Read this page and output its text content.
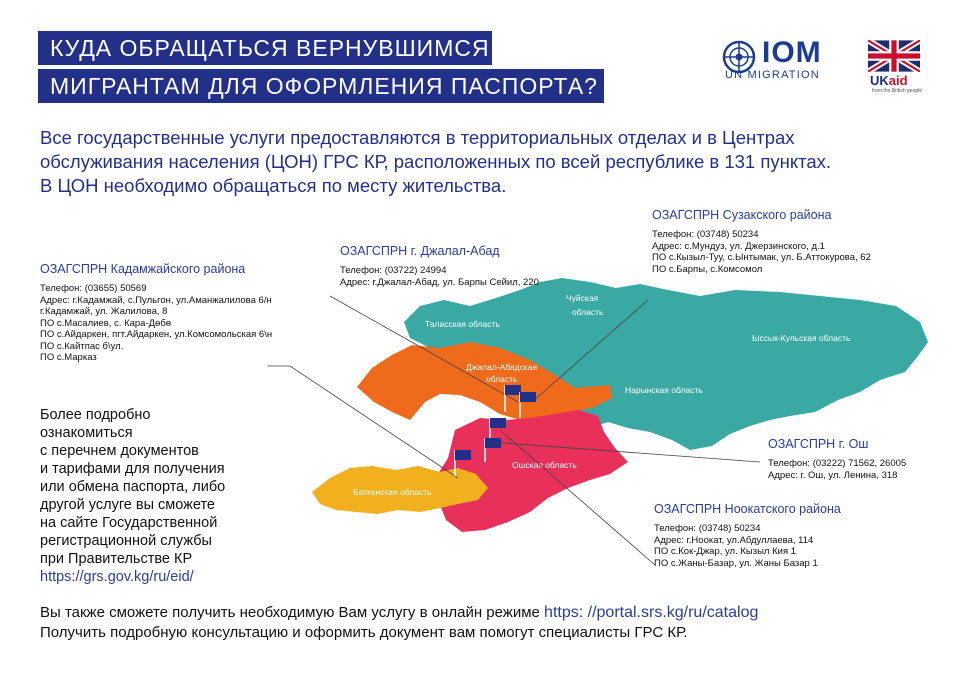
КУДА ОБРАЩАТЬСЯ ВЕРНУВШИМСЯ
МИГРАНТАМ ДЛЯ ОФОРМЛЕНИЯ ПАСПОРТА?
IOM
UN MIGRATION	UKaid
from the British people
Все государственные услуги предоставляются в территориальных отделах и в Центрах
обслуживания населения (ЦОН) ГРС КР, расположенных по всей республике в 131 пунктах.
В ЦОН необходимо обращаться по месту жительства.
Таласская область
Чуйская
область
Ысcык-Кульская область
Джалал-Абадская
область
Нарынская область
Ошская область
Баткенская область
ОЗАГСПРН Кадамжайского района
Телефон: (03655) 50569
Адрес: г.Кадамжай, с.Пульгон, ул.Аманжалилова 6/н
г.Кадамжай, ул. Жалилова, 8
ПО с.Масалиев, с. Кара-Дөбө
ПО с.Айдаркен, пгт.Айдаркен, ул.Комсомольская 6\н
ПО с.Кайтпас б\ул.
ПО с.Марказ
ОЗАГСПРН г. Джалал-Абад
Телефон: (03722) 24994
Адрес: г.Джалал-Абад, ул. Барпы Сейил, 220
ОЗАГСПРН Сузакского района
Телефон: (03748) 50234
Адрес: с.Мундуз, ул. Джерзинского, д.1
ПО с.Кызыл-Туу, с.Ынтымак, ул. Б.Аттокурова, 62
ПО с.Барпы, с.Комсомол
ОЗАГСПРН г. Ош
Телефон: (03222) 71562, 26005
Адрес: г. Ош, ул. Ленина, 318
ОЗАГСПРН Ноокатского района
Телефон: (03748) 50234
Адрес: г.Ноокат, ул.Абдуллаева, 114
ПО с.Кок-Джар, ул. Кызыл Кия 1
ПО с.Жаны-Базар, ул. Жаны Базар 1
Более подробно
ознакомиться
с перечнем документов
и тарифами для получения
или обмена паспорта, либо
другой услуге вы сможете
на сайте Государственной
регистрационной службы
при Правительстве КР
https://grs.gov.kg/ru/eid/
Вы также сможете получить необходимую Вам услугу в онлайн режиме https: //portal.srs.kg/ru/catalog
Получить подробную консультацию и оформить документ вам помогут специалисты ГРС КР.
